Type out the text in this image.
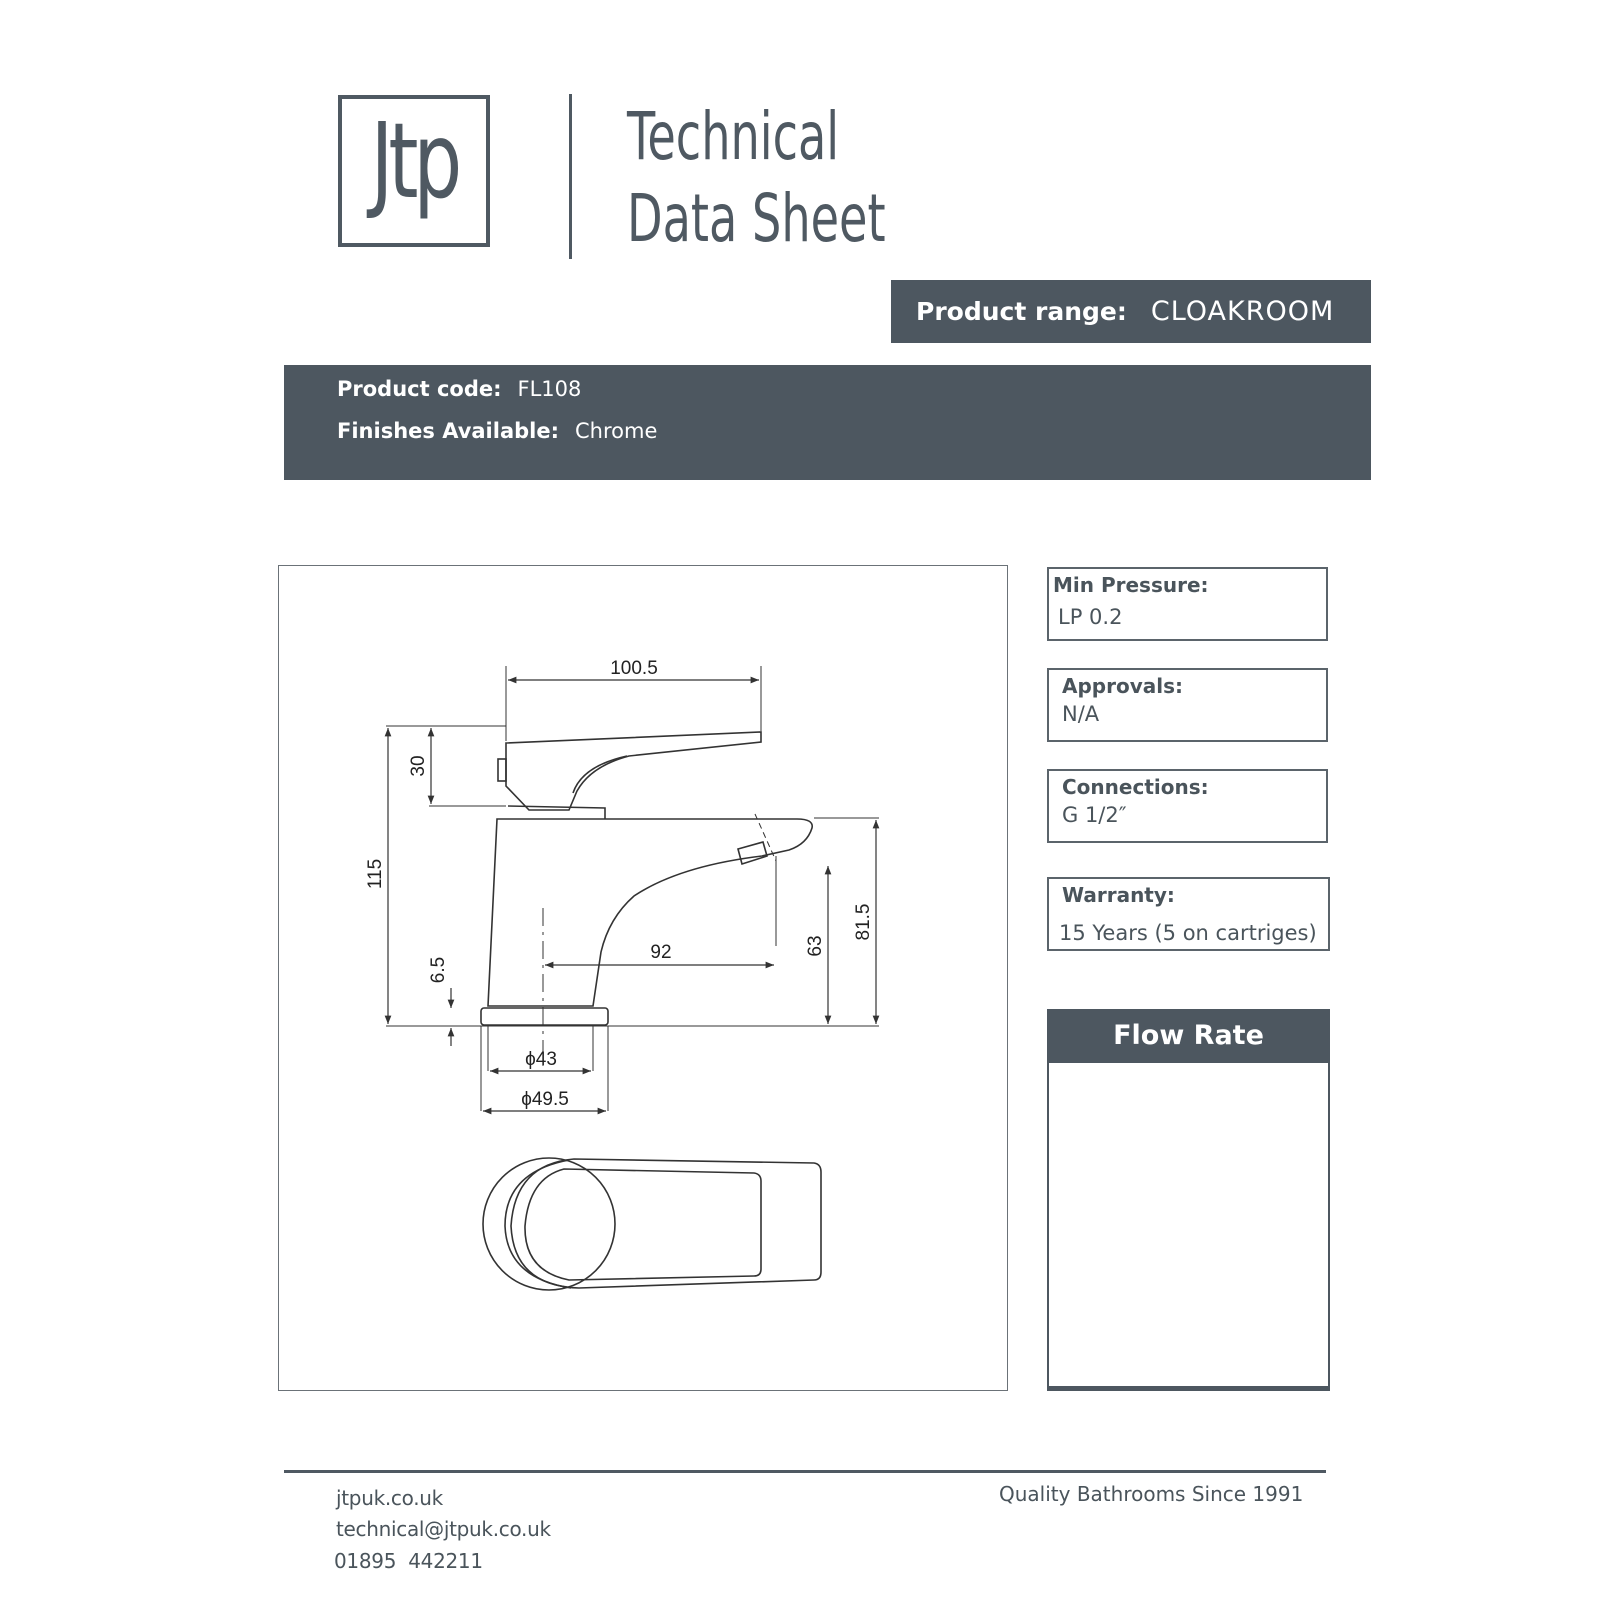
Jtp	Technical
Data Sheet
Product range: CLOAKROOM
Product code: FL108
Finishes Available: Chrome
100.5
30
115
6.5
92	63
81.5
ϕ43
ϕ49.5
Min Pressure:
LP 0.2
Approvals:
N/A
Connections:
G 1/2″
Warranty:
15 Years (5 on cartriges)
Flow Rate
jtpuk.co.uk
technical@jtpuk.co.uk
01895  442211
Quality Bathrooms Since 1991
